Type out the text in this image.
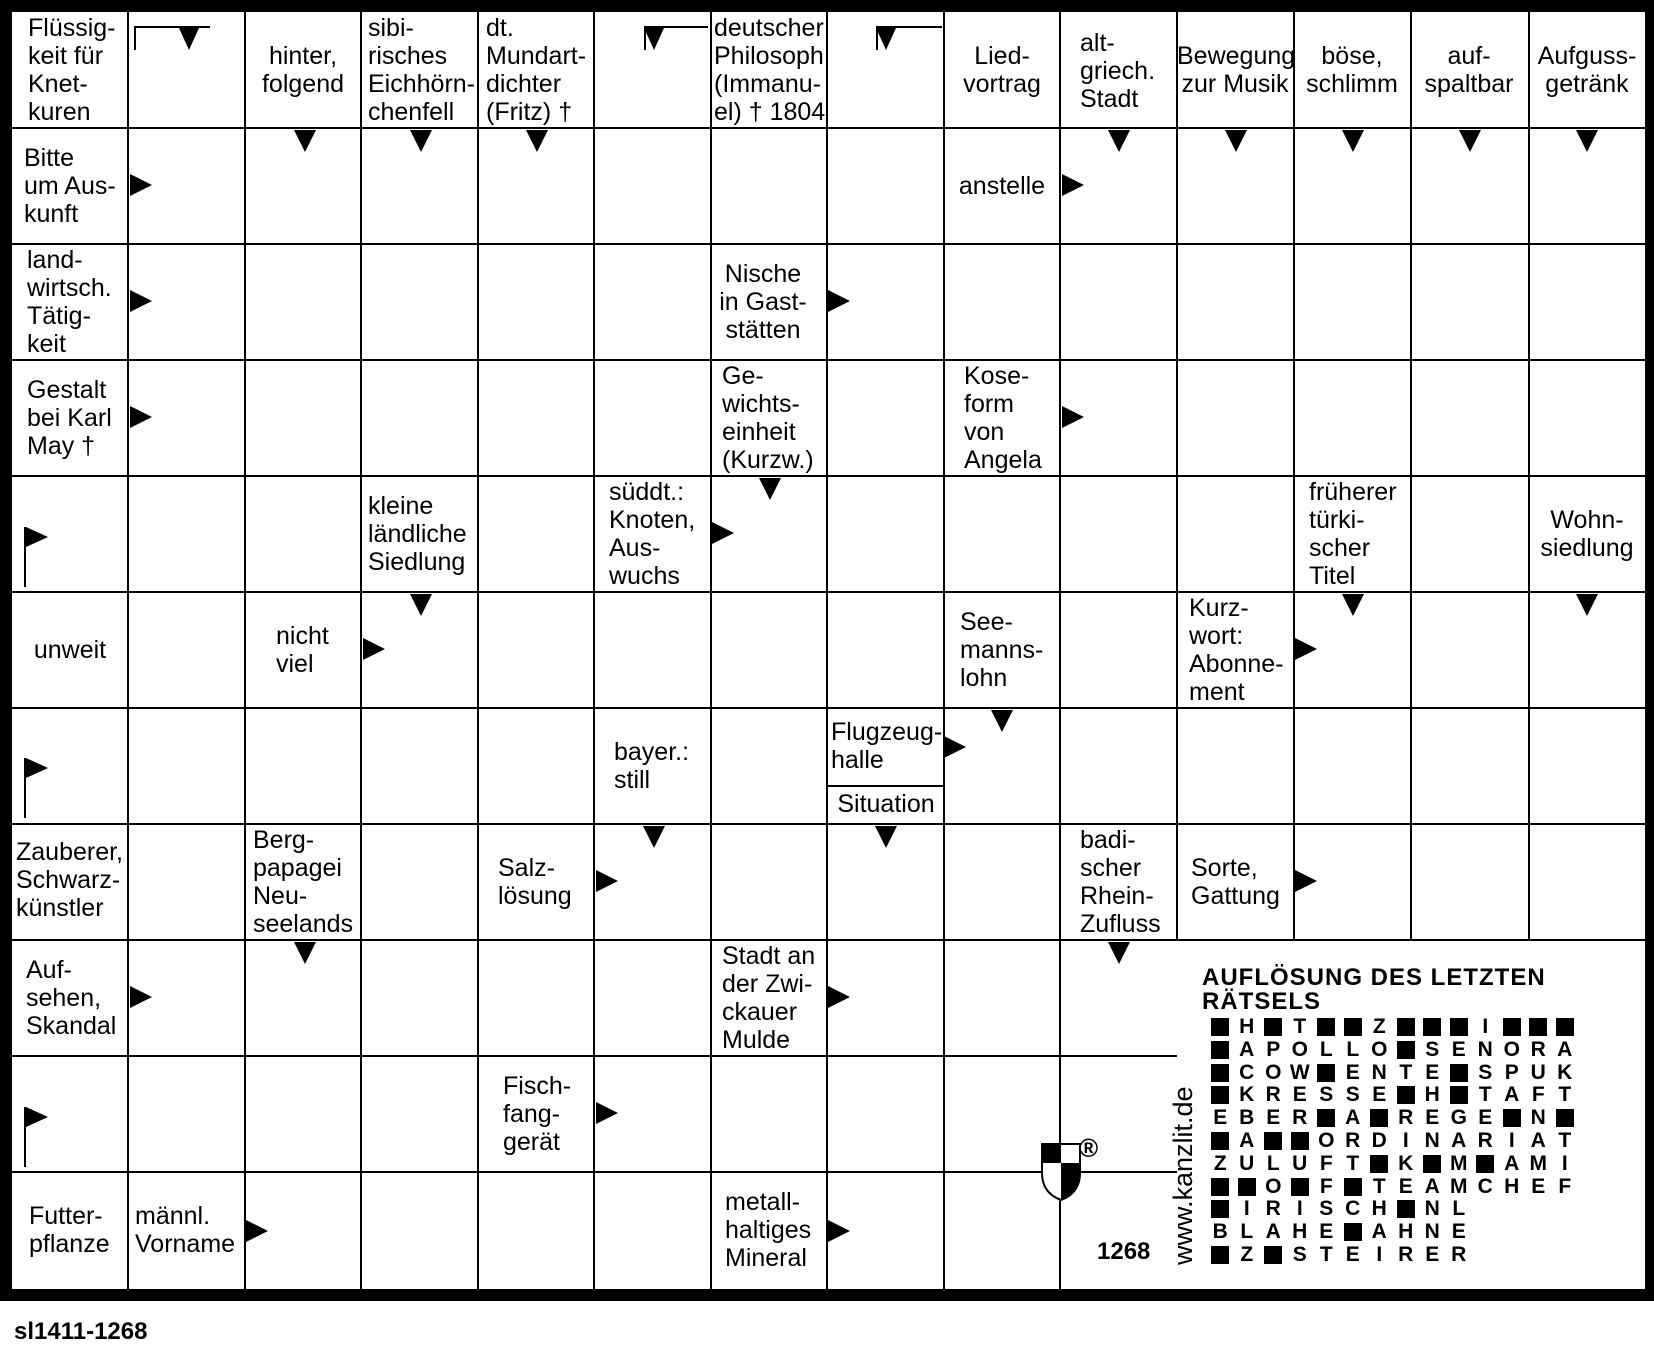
Flüssig-
keit für
Knet-
kuren
hinter,
folgend
sibi-
risches
Eichhörn-
chenfell
dt.
Mundart-
dichter
(Fritz) †
deutscher
Philosoph
(Immanu-
el) † 1804
Lied-
vortrag
alt-
griech.
Stadt
Bewegung
zur Musik
böse,
schlimm
auf-
spaltbar
Aufguss-
getränk
Bitte
um Aus-
kunft
anstelle
land-
wirtsch.
Tätig-
keit
Nische
in Gast-
stätten
Gestalt
bei Karl
May †
Ge-
wichts-
einheit
(Kurzw.)
Kose-
form
von
Angela
kleine
ländliche
Siedlung
süddt.:
Knoten,
Aus-
wuchs
früherer
türki-
scher
Titel
Wohn-
siedlung
unweit	nicht
viel
See-
manns-
lohn
Kurz-
wort:
Abonne-
ment
bayer.:
still
Flugzeug-
halle
Situation
Zauberer,
Schwarz-
künstler
Berg-
papagei
Neu-
seelands
Salz-
lösung
badi-
scher
Rhein-
Zufluss
Sorte,
Gattung
Auf-
sehen,
Skandal
Stadt an
der Zwi-
ckauer
Mulde
Fisch-
fang-
gerät
Futter-
pflanze
männl.
Vorname
metall-
haltiges
Mineral
AUFLÖSUNG DES LETZTEN
RÄTSELS
H	T	Z	I
A P O L L O S E N O R A
C O W E N T E S P U K
K R E S S E H	T A F T
E B E R A R E G E N
A	O R D I N A R I A T
Z U L U F T	K M A M I
O	F	T E A M C H E F
I R I S C H N L
B L A H E A H N E
Z	S T E I R E R
®	www.kanzlit.de
1268
sl1411-1268
